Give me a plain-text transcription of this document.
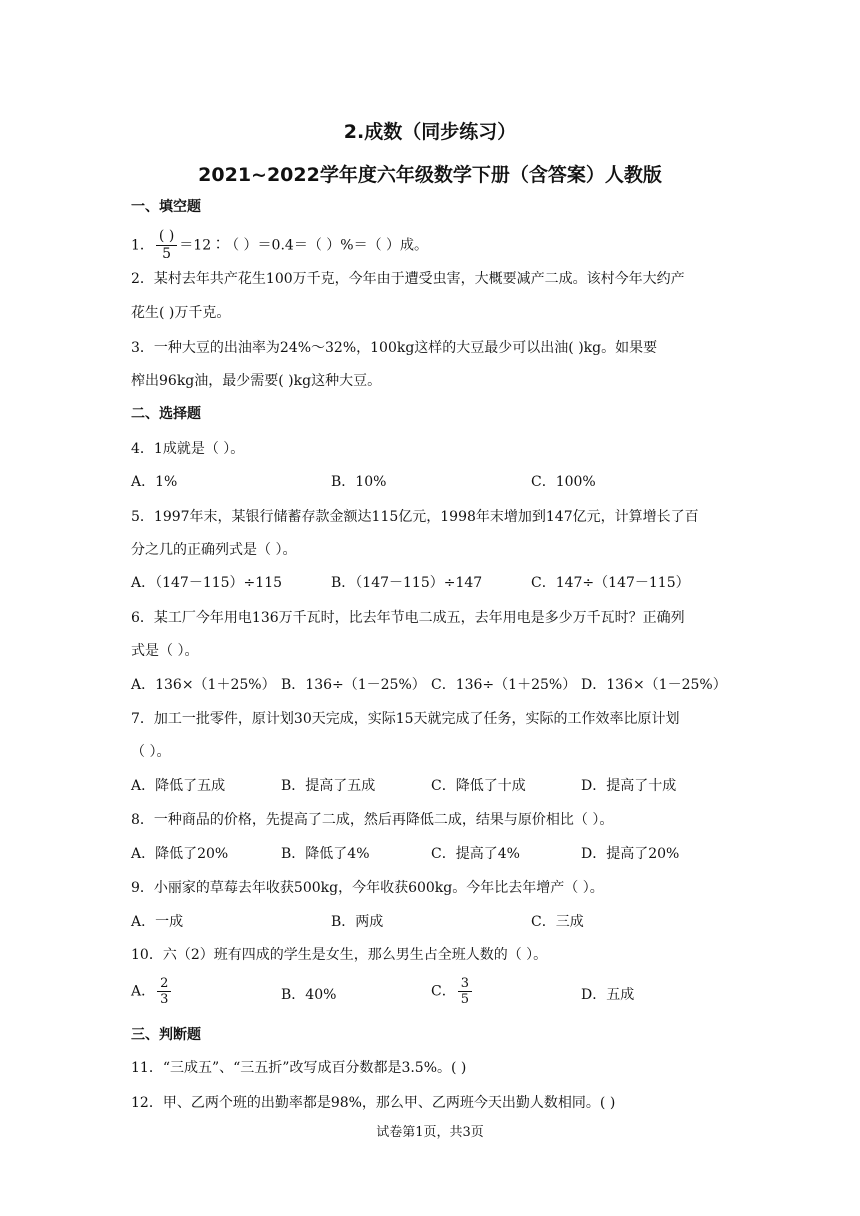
2.成数（同步练习）
2021~2022学年度六年级数学下册（含答案）人教版
一、填空题
1． $\frac{( )}{5}$ ＝12∶（ ）＝0.4＝（ ）%＝（ ）成。
2．某村去年共产花生100万千克，今年由于遭受虫害，大概要减产二成。该村今年大约产
花生( )万千克。
3．一种大豆的出油率为24%～32%，100kg这样的大豆最少可以出油( )kg。如果要
榨出96kg油，最少需要( )kg这种大豆。
二、选择题
4．1成就是（ ）。
A．1%	B．10%	C．100%
5．1997年末，某银行储蓄存款金额达115亿元，1998年末增加到147亿元，计算增长了百
分之几的正确列式是（ ）。
A．（147－115）÷115	B．（147－115）÷147	C．147÷（147－115）
6．某工厂今年用电136万千瓦时，比去年节电二成五，去年用电是多少万千瓦时？正确列
式是（ ）。
A．136×（1＋25%） B．136÷（1－25%） C．136÷（1＋25%） D．136×（1－25%）
7．加工一批零件，原计划30天完成，实际15天就完成了任务，实际的工作效率比原计划
（ ）。
A．降低了五成	B．提高了五成	C．降低了十成	D．提高了十成
8．一种商品的价格，先提高了二成，然后再降低二成，结果与原价相比（ ）。
A．降低了20%	B．降低了4%	C．提高了4%	D．提高了20%
9．小丽家的草莓去年收获500kg，今年收获600kg。今年比去年增产（ ）。
A．一成	B．两成	C．三成
10．六（2）班有四成的学生是女生，那么男生占全班人数的（ ）。
A． $\frac{2}{3}$	B．40%	C． $\frac{3}{5}$	D．五成
三、判断题
11．“三成五”、“三五折”改写成百分数都是3.5%。( )
12．甲、乙两个班的出勤率都是98%，那么甲、乙两班今天出勤人数相同。( )
试卷第1页，共3页
